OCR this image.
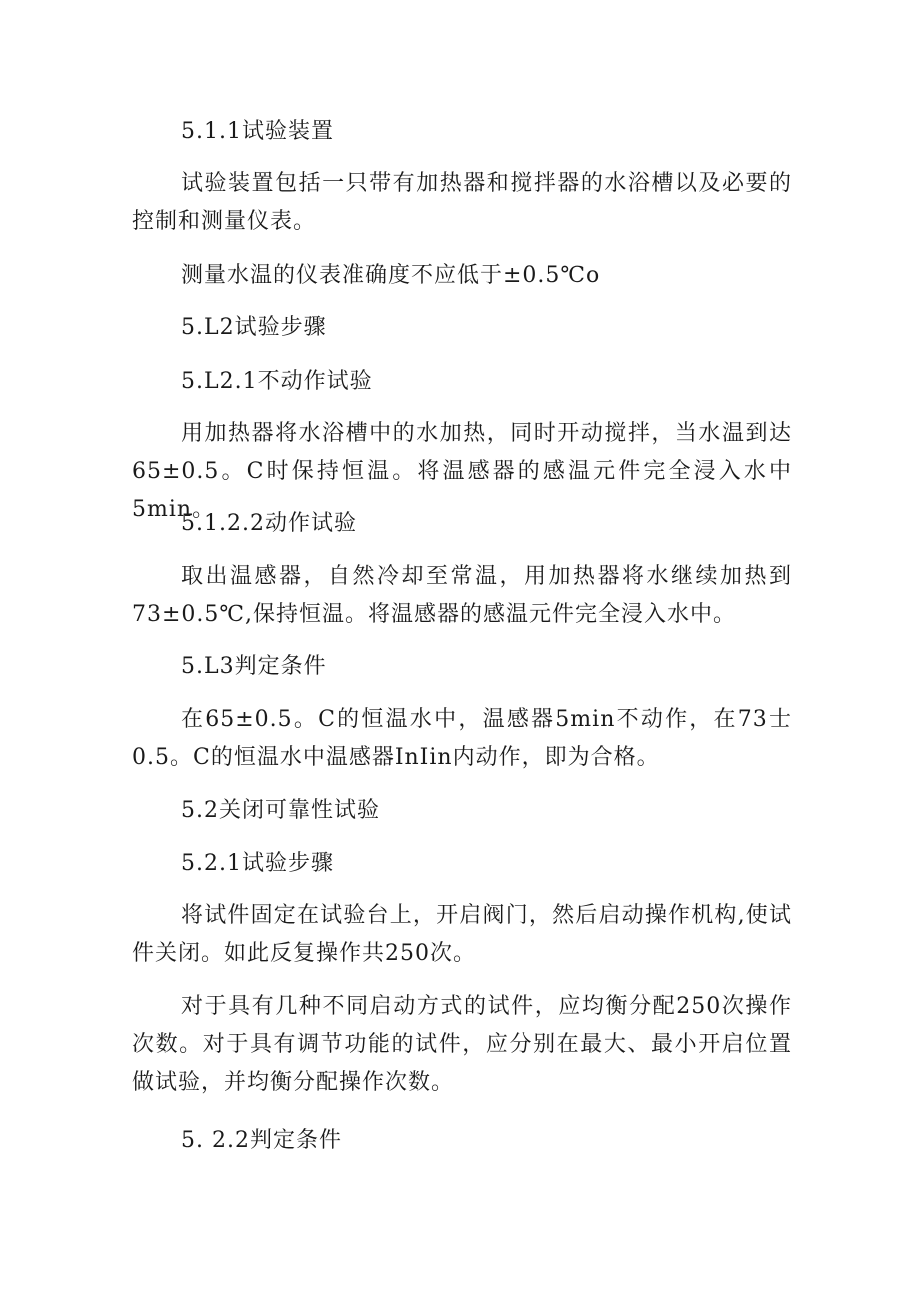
5.1.1试验装置

试验装置包括一只带有加热器和搅拌器的水浴槽以及必要的控制和测量仪表。

测量水温的仪表准确度不应低于±0.5℃o

5.L2试验步骤

5.L2.1不动作试验

用加热器将水浴槽中的水加热，同时开动搅拌，当水温到达65±0.5。C时保持恒温。将温感器的感温元件完全浸入水中5min。

5.1.2.2动作试验

取出温感器，自然冷却至常温，用加热器将水继续加热到73±0.5℃,保持恒温。将温感器的感温元件完全浸入水中。

5.L3判定条件

在65±0.5。C的恒温水中，温感器5min不动作，在73士0.5。C的恒温水中温感器InIin内动作，即为合格。

5.2关闭可靠性试验

5.2.1试验步骤

将试件固定在试验台上，开启阀门，然后启动操作机构,使试件关闭。如此反复操作共250次。

对于具有几种不同启动方式的试件，应均衡分配250次操作次数。对于具有调节功能的试件，应分别在最大、最小开启位置做试验，并均衡分配操作次数。

5. 2.2判定条件
